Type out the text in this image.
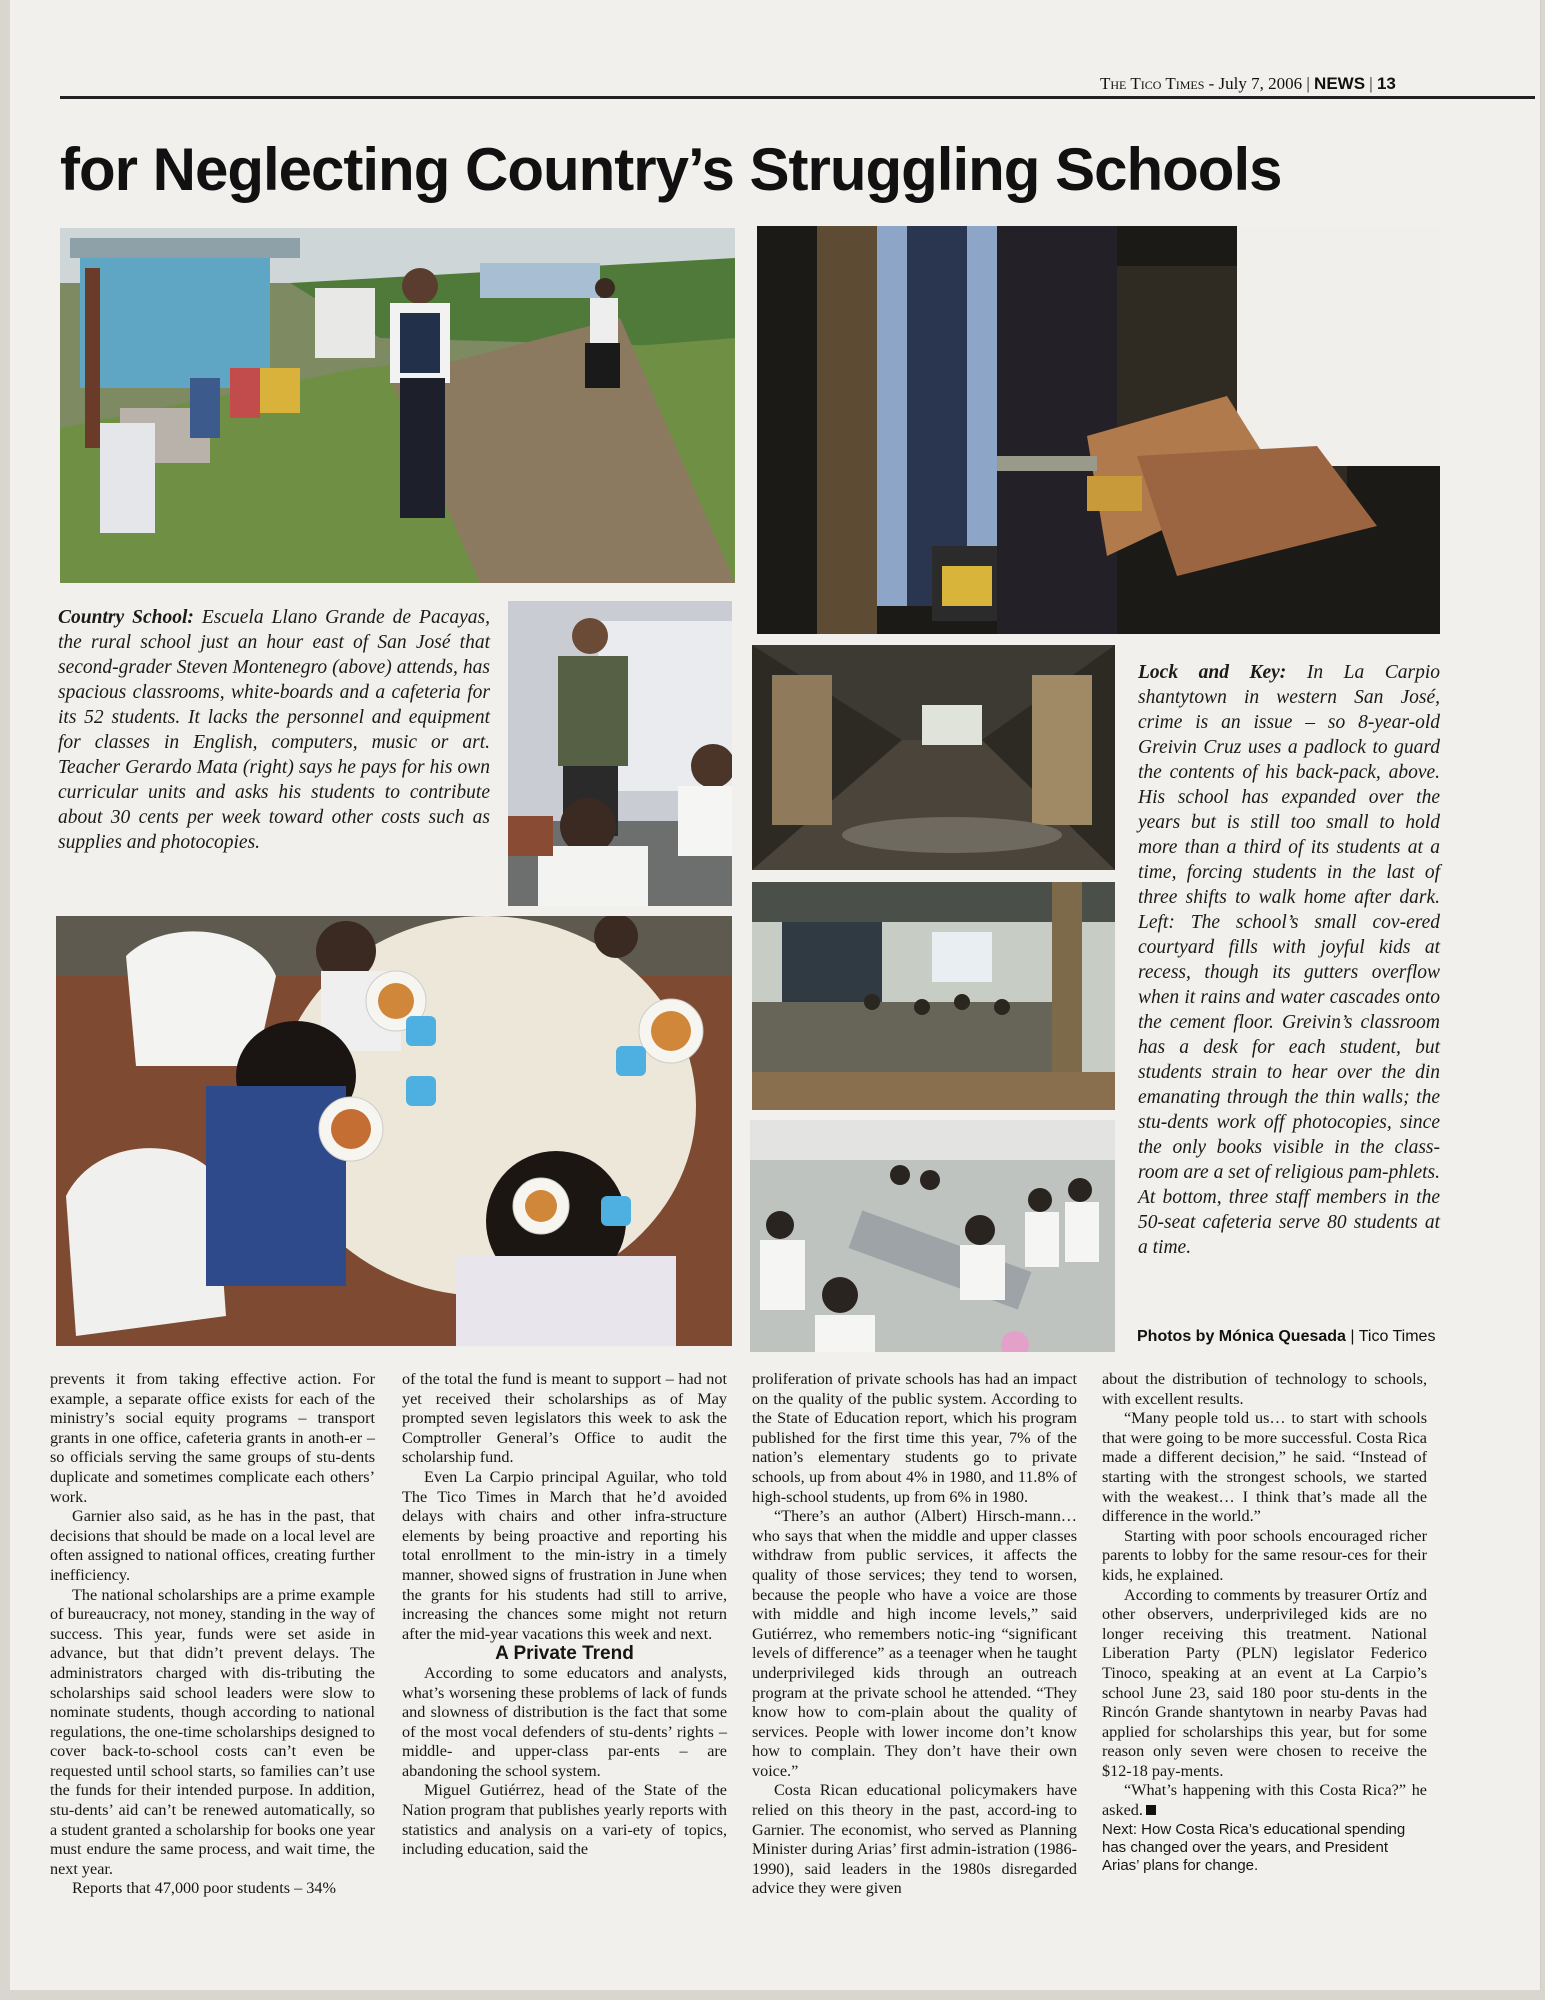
The Tico Times - July 7, 2006 | NEWS | 13
for Neglecting Country’s Struggling Schools

Country School: Escuela Llano Grande de Pacayas, the rural school just an hour east of San José that second-grader Steven Montenegro (above) attends, has spacious classrooms, white-boards and a cafeteria for its 52 students. It lacks the personnel and equipment for classes in English, computers, music or art. Teacher Gerardo Mata (right) says he pays for his own curricular units and asks his students to contribute about 30 cents per week toward other costs such as supplies and photocopies.

Lock and Key: In La Carpio shantytown in western San José, crime is an issue – so 8-year-old Greivin Cruz uses a padlock to guard the contents of his back-pack, above. His school has expanded over the years but is still too small to hold more than a third of its students at a time, forcing students in the last of three shifts to walk home after dark. Left: The school’s small cov-ered courtyard fills with joyful kids at recess, though its gutters overflow when it rains and water cascades onto the cement floor. Greivin’s classroom has a desk for each student, but students strain to hear over the din emanating through the thin walls; the stu-dents work off photocopies, since the only books visible in the class-room are a set of religious pam-phlets. At bottom, three staff members in the 50-seat cafeteria serve 80 students at a time.

Photos by Mónica Quesada | Tico Times

prevents it from taking effective action. For example, a separate office exists for each of the ministry’s social equity programs – transport grants in one office, cafeteria grants in anoth-er – so officials serving the same groups of stu-dents duplicate and sometimes complicate each others’ work.

Garnier also said, as he has in the past, that decisions that should be made on a local level are often assigned to national offices, creating further inefficiency.

The national scholarships are a prime example of bureaucracy, not money, standing in the way of success. This year, funds were set aside in advance, but that didn’t prevent delays. The administrators charged with dis-tributing the scholarships said school leaders were slow to nominate students, though according to national regulations, the one-time scholarships designed to cover back-to-school costs can’t even be requested until school starts, so families can’t use the funds for their intended purpose. In addition, stu-dents’ aid can’t be renewed automatically, so a student granted a scholarship for books one year must endure the same process, and wait time, the next year.

Reports that 47,000 poor students – 34%

of the total the fund is meant to support – had not yet received their scholarships as of May prompted seven legislators this week to ask the Comptroller General’s Office to audit the scholarship fund.

Even La Carpio principal Aguilar, who told The Tico Times in March that he’d avoided delays with chairs and other infra-structure elements by being proactive and reporting his total enrollment to the min-istry in a timely manner, showed signs of frustration in June when the grants for his students had still to arrive, increasing the chances some might not return after the mid-year vacations this week and next.

A Private Trend

According to some educators and analysts, what’s worsening these problems of lack of funds and slowness of distribution is the fact that some of the most vocal defenders of stu-dents’ rights – middle- and upper-class par-ents – are abandoning the school system.

Miguel Gutiérrez, head of the State of the Nation program that publishes yearly reports with statistics and analysis on a vari-ety of topics, including education, said the

proliferation of private schools has had an impact on the quality of the public system. According to the State of Education report, which his program published for the first time this year, 7% of the nation’s elementary students go to private schools, up from about 4% in 1980, and 11.8% of high-school students, up from 6% in 1980.

“There’s an author (Albert) Hirsch-mann… who says that when the middle and upper classes withdraw from public services, it affects the quality of those services; they tend to worsen, because the people who have a voice are those with middle and high income levels,” said Gutiérrez, who remembers notic-ing “significant levels of difference” as a teenager when he taught underprivileged kids through an outreach program at the private school he attended. “They know how to com-plain about the quality of services. People with lower income don’t know how to complain. They don’t have their own voice.”

Costa Rican educational policymakers have relied on this theory in the past, accord-ing to Garnier. The economist, who served as Planning Minister during Arias’ first admin-istration (1986-1990), said leaders in the 1980s disregarded advice they were given

about the distribution of technology to schools, with excellent results.

“Many people told us… to start with schools that were going to be more successful. Costa Rica made a different decision,” he said. “Instead of starting with the strongest schools, we started with the weakest… I think that’s made all the difference in the world.”

Starting with poor schools encouraged richer parents to lobby for the same resour-ces for their kids, he explained.

According to comments by treasurer Ortíz and other observers, underprivileged kids are no longer receiving this treatment. National Liberation Party (PLN) legislator Federico Tinoco, speaking at an event at La Carpio’s school June 23, said 180 poor stu-dents in the Rincón Grande shantytown in nearby Pavas had applied for scholarships this year, but for some reason only seven were chosen to receive the $12-18 pay-ments.

“What’s happening with this Costa Rica?” he asked.

Next: How Costa Rica’s educational spending has changed over the years, and President Arias’ plans for change.
